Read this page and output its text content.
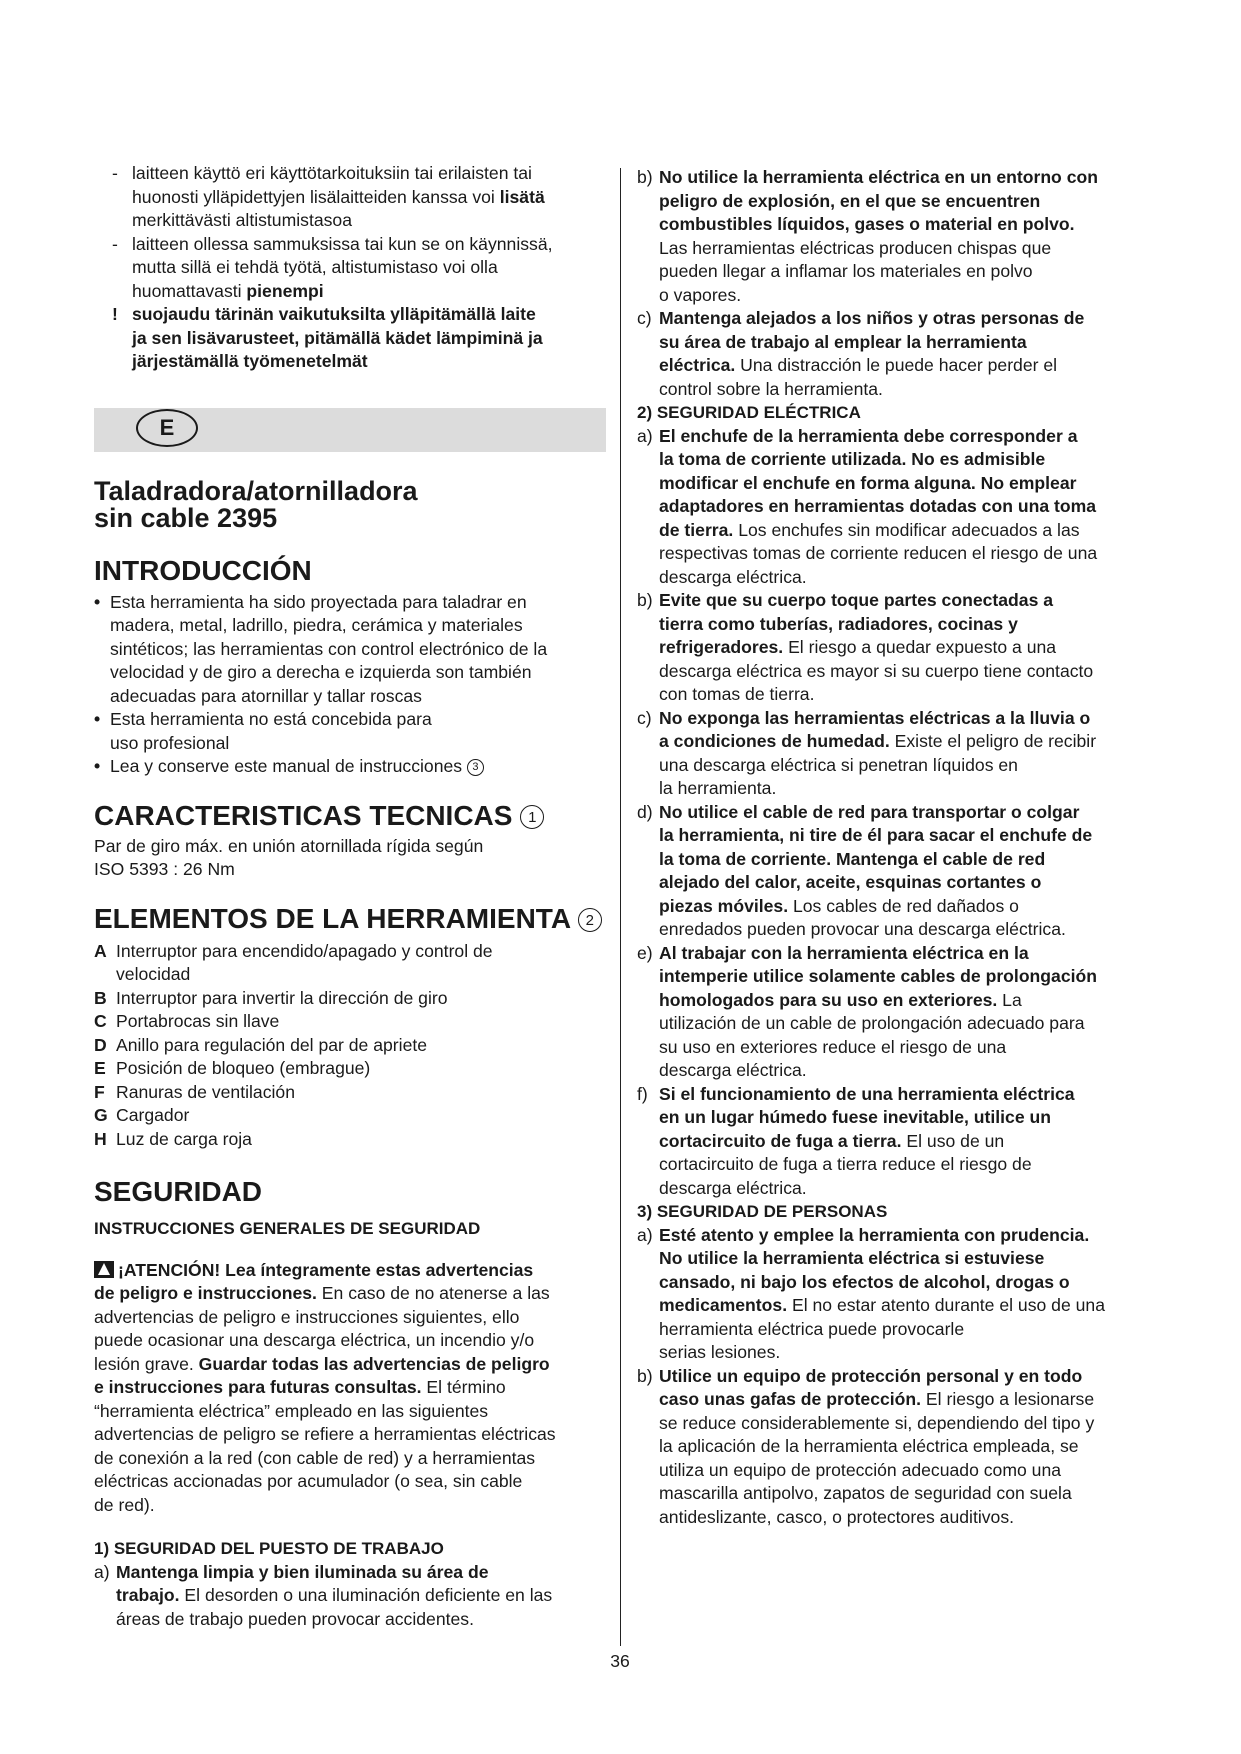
- laitteen käyttö eri käyttötarkoituksiin tai erilaisten tai
huonosti ylläpidettyjen lisälaitteiden kanssa voi lisätä
merkittävästi altistumistasoa
- laitteen ollessa sammuksissa tai kun se on käynnissä,
mutta sillä ei tehdä työtä, altistumistaso voi olla
huomattavasti pienempi
! suojaudu tärinän vaikutuksilta ylläpitämällä laite
ja sen lisävarusteet, pitämällä kädet lämpiminä ja
järjestämällä työmenetelmät
E
Taladradora/atornilladora
sin cable 2395
INTRODUCCIÓN
• Esta herramienta ha sido proyectada para taladrar en
madera, metal, ladrillo, piedra, cerámica y materiales
sintéticos; las herramientas con control electrónico de la
velocidad y de giro a derecha e izquierda son también
adecuadas para atornillar y tallar roscas
• Esta herramienta no está concebida para
uso profesional
• Lea y conserve este manual de instrucciones 3
CARACTERISTICAS TECNICAS 1
Par de giro máx. en unión atornillada rígida según
ISO 5393 : 26 Nm
ELEMENTOS DE LA HERRAMIENTA 2
A Interruptor para encendido/apagado y control de
velocidad
B Interruptor para invertir la dirección de giro
C Portabrocas sin llave
D Anillo para regulación del par de apriete
E Posición de bloqueo (embrague)
F Ranuras de ventilación
G Cargador
H Luz de carga roja
SEGURIDAD
INSTRUCCIONES GENERALES DE SEGURIDAD
¡ATENCIÓN! Lea íntegramente estas advertencias
de peligro e instrucciones. En caso de no atenerse a las
advertencias de peligro e instrucciones siguientes, ello
puede ocasionar una descarga eléctrica, un incendio y/o
lesión grave. Guardar todas las advertencias de peligro
e instrucciones para futuras consultas. El término
“herramienta eléctrica” empleado en las siguientes
advertencias de peligro se refiere a herramientas eléctricas
de conexión a la red (con cable de red) y a herramientas
eléctricas accionadas por acumulador (o sea, sin cable
de red).
1) SEGURIDAD DEL PUESTO DE TRABAJO
a) Mantenga limpia y bien iluminada su área de
trabajo. El desorden o una iluminación deficiente en las
áreas de trabajo pueden provocar accidentes.
b) No utilice la herramienta eléctrica en un entorno con
peligro de explosión, en el que se encuentren
combustibles líquidos, gases o material en polvo.
Las herramientas eléctricas producen chispas que
pueden llegar a inflamar los materiales en polvo
o vapores.
c) Mantenga alejados a los niños y otras personas de
su área de trabajo al emplear la herramienta
eléctrica. Una distracción le puede hacer perder el
control sobre la herramienta.
2) SEGURIDAD ELÉCTRICA
a) El enchufe de la herramienta debe corresponder a
la toma de corriente utilizada. No es admisible
modificar el enchufe en forma alguna. No emplear
adaptadores en herramientas dotadas con una toma
de tierra. Los enchufes sin modificar adecuados a las
respectivas tomas de corriente reducen el riesgo de una
descarga eléctrica.
b) Evite que su cuerpo toque partes conectadas a
tierra como tuberías, radiadores, cocinas y
refrigeradores. El riesgo a quedar expuesto a una
descarga eléctrica es mayor si su cuerpo tiene contacto
con tomas de tierra.
c) No exponga las herramientas eléctricas a la lluvia o
a condiciones de humedad. Existe el peligro de recibir
una descarga eléctrica si penetran líquidos en
la herramienta.
d) No utilice el cable de red para transportar o colgar
la herramienta, ni tire de él para sacar el enchufe de
la toma de corriente. Mantenga el cable de red
alejado del calor, aceite, esquinas cortantes o
piezas móviles. Los cables de red dañados o
enredados pueden provocar una descarga eléctrica.
e) Al trabajar con la herramienta eléctrica en la
intemperie utilice solamente cables de prolongación
homologados para su uso en exteriores. La
utilización de un cable de prolongación adecuado para
su uso en exteriores reduce el riesgo de una
descarga eléctrica.
f) Si el funcionamiento de una herramienta eléctrica
en un lugar húmedo fuese inevitable, utilice un
cortacircuito de fuga a tierra. El uso de un
cortacircuito de fuga a tierra reduce el riesgo de
descarga eléctrica.
3) SEGURIDAD DE PERSONAS
a) Esté atento y emplee la herramienta con prudencia.
No utilice la herramienta eléctrica si estuviese
cansado, ni bajo los efectos de alcohol, drogas o
medicamentos. El no estar atento durante el uso de una
herramienta eléctrica puede provocarle
serias lesiones.
b) Utilice un equipo de protección personal y en todo
caso unas gafas de protección. El riesgo a lesionarse
se reduce considerablemente si, dependiendo del tipo y
la aplicación de la herramienta eléctrica empleada, se
utiliza un equipo de protección adecuado como una
mascarilla antipolvo, zapatos de seguridad con suela
antideslizante, casco, o protectores auditivos.
36
